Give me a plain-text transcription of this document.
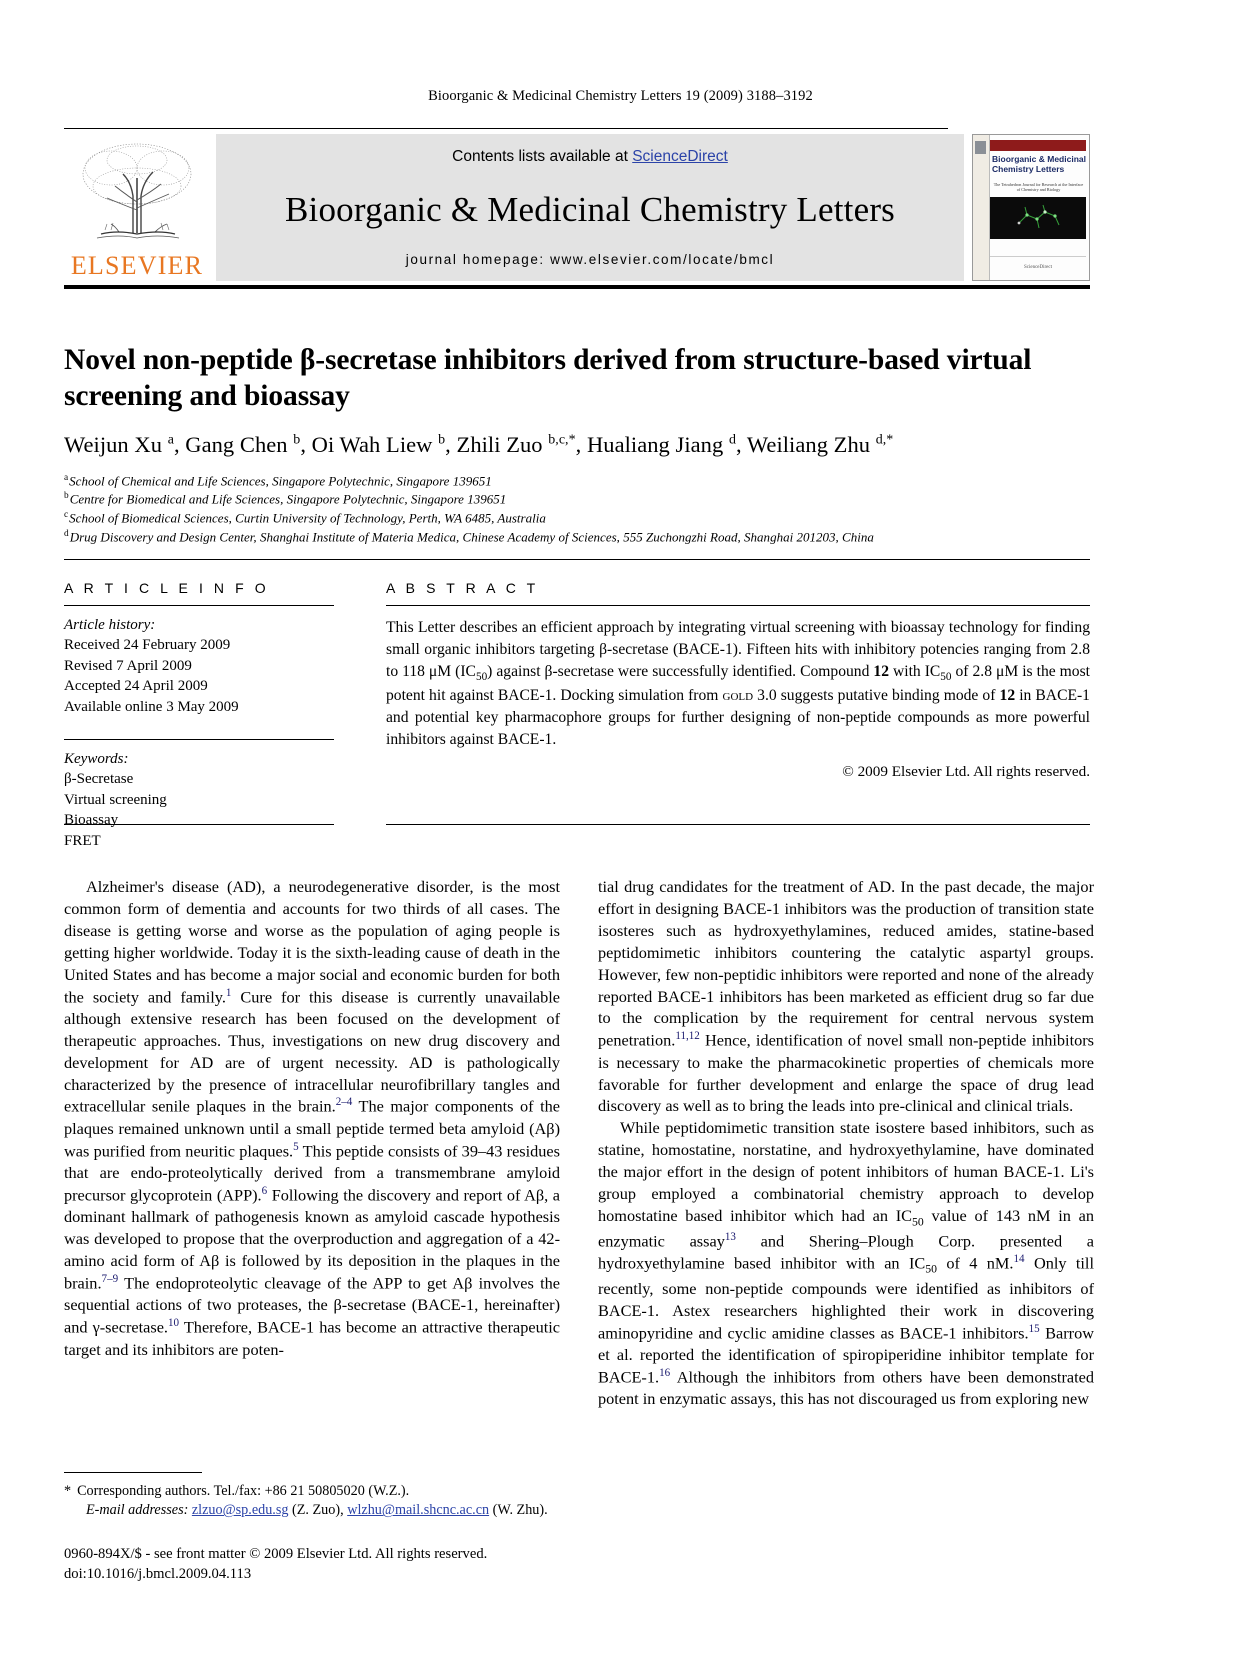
Bioorganic & Medicinal Chemistry Letters 19 (2009) 3188–3192
ELSEVIER
Contents lists available at ScienceDirect
Bioorganic & Medicinal Chemistry Letters
journal homepage: www.elsevier.com/locate/bmcl
Bioorganic & Medicinal Chemistry Letters
The Tetrahedron Journal for Research at the Interface of Chemistry and Biology
ScienceDirect
Novel non-peptide β-secretase inhibitors derived from structure-based virtual screening and bioassay
Weijun Xu $^a$, Gang Chen $^b$, Oi Wah Liew $^b$, Zhili Zuo $^{b,c,*}$, Hualiang Jiang $^d$, Weiliang Zhu $^{d,*}$
$^a$School of Chemical and Life Sciences, Singapore Polytechnic, Singapore 139651
$^b$Centre for Biomedical and Life Sciences, Singapore Polytechnic, Singapore 139651
$^c$School of Biomedical Sciences, Curtin University of Technology, Perth, WA 6485, Australia
$^d$Drug Discovery and Design Center, Shanghai Institute of Materia Medica, Chinese Academy of Sciences, 555 Zuchongzhi Road, Shanghai 201203, China
A R T I C L E I N F O
Article history:
Received 24 February 2009
Revised 7 April 2009
Accepted 24 April 2009
Available online 3 May 2009
Keywords:
β-Secretase
Virtual screening
Bioassay
FRET
A B S T R A C T
This Letter describes an efficient approach by integrating virtual screening with bioassay technology for finding small organic inhibitors targeting β-secretase (BACE-1). Fifteen hits with inhibitory potencies ranging from 2.8 to 118 μM $(IC_{50})$ against β-secretase were successfully identified. Compound 12 with $IC_{50}$ of 2.8 μM is the most potent hit against BACE-1. Docking simulation from gold 3.0 suggests putative binding mode of 12 in BACE-1 and potential key pharmacophore groups for further designing of non-peptide compounds as more powerful inhibitors against BACE-1.
© 2009 Elsevier Ltd. All rights reserved.

Alzheimer's disease (AD), a neurodegenerative disorder, is the most common form of dementia and accounts for two thirds of all cases. The disease is getting worse and worse as the population of aging people is getting higher worldwide. Today it is the sixth-leading cause of death in the United States and has become a major social and economic burden for both the society and family.$^1$ Cure for this disease is currently unavailable although extensive research has been focused on the development of therapeutic approaches. Thus, investigations on new drug discovery and development for AD are of urgent necessity. AD is pathologically characterized by the presence of intracellular neurofibrillary tangles and extracellular senile plaques in the brain.$^{2-4}$ The major components of the plaques remained unknown until a small peptide termed beta amyloid (Aβ) was purified from neuritic plaques.$^5$ This peptide consists of 39–43 residues that are endo-proteolytically derived from a transmembrane amyloid precursor glycoprotein (APP).$^6$ Following the discovery and report of Aβ, a dominant hallmark of pathogenesis known as amyloid cascade hypothesis was developed to propose that the overproduction and aggregation of a 42-amino acid form of Aβ is followed by its deposition in the plaques in the brain.$^{7-9}$ The endoproteolytic cleavage of the APP to get Aβ involves the sequential actions of two proteases, the β-secretase (BACE-1, hereinafter) and γ-secretase.$^{10}$ Therefore, BACE-1 has become an attractive therapeutic target and its inhibitors are poten-

tial drug candidates for the treatment of AD. In the past decade, the major effort in designing BACE-1 inhibitors was the production of transition state isosteres such as hydroxyethylamines, reduced amides, statine-based peptidomimetic inhibitors countering the catalytic aspartyl groups. However, few non-peptidic inhibitors were reported and none of the already reported BACE-1 inhibitors has been marketed as efficient drug so far due to the complication by the requirement for central nervous system penetration.$^{11,12}$ Hence, identification of novel small non-peptide inhibitors is necessary to make the pharmacokinetic properties of chemicals more favorable for further development and enlarge the space of drug lead discovery as well as to bring the leads into pre-clinical and clinical trials.

While peptidomimetic transition state isostere based inhibitors, such as statine, homostatine, norstatine, and hydroxyethylamine, have dominated the major effort in the design of potent inhibitors of human BACE-1. Li's group employed a combinatorial chemistry approach to develop homostatine based inhibitor which had an $IC_{50}$ value of 143 nM in an enzymatic assay$^{13}$ and Shering–Plough Corp. presented a hydroxyethylamine based inhibitor with an $IC_{50}$ of 4 nM.$^{14}$ Only till recently, some non-peptide compounds were identified as inhibitors of BACE-1. Astex researchers highlighted their work in discovering aminopyridine and cyclic amidine classes as BACE-1 inhibitors.$^{15}$ Barrow et al. reported the identification of spiropiperidine inhibitor template for BACE-1.16 Although the inhibitors from others have been demonstrated potent in enzymatic assays, this has not discouraged us from exploring new

* Corresponding authors. Tel./fax: +86 21 50805020 (W.Z.).
E-mail addresses: zlzuo@sp.edu.sg (Z. Zuo), wlzhu@mail.shcnc.ac.cn (W. Zhu).
0960-894X/$ - see front matter © 2009 Elsevier Ltd. All rights reserved.
doi:10.1016/j.bmcl.2009.04.113
